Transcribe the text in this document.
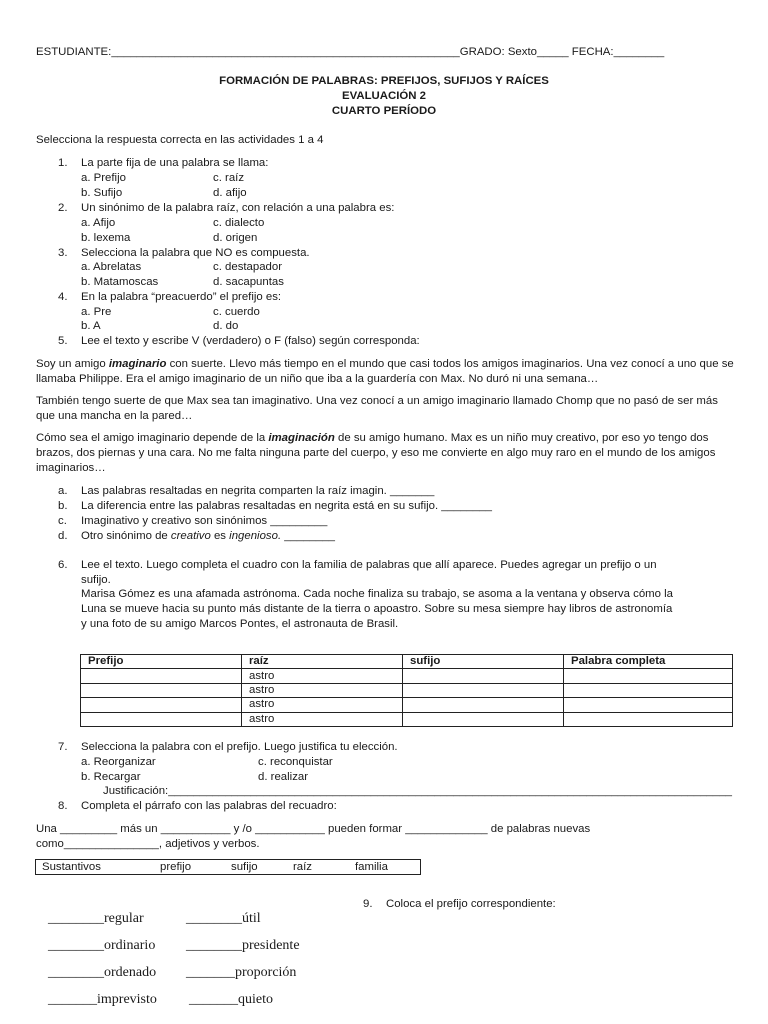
ESTUDIANTE:_______________________________________________________GRADO: Sexto_____ FECHA:________
FORMACIÓN DE PALABRAS: PREFIJOS, SUFIJOS Y RAÍCES
EVALUACIÓN 2
CUARTO PERÍODO
Selecciona la respuesta correcta en las actividades 1 a 4
1. La parte fija de una palabra se llama:
a. Prefijo	c. raíz
b. Sufijo	d. afijo
2. Un sinónimo de la palabra raíz, con relación a una palabra es:
a. Afijo	c. dialecto
b. lexema	d. origen
3. Selecciona la palabra que NO es compuesta.
a. Abrelatas	c. destapador
b. Matamoscas	d. sacapuntas
4. En la palabra “preacuerdo” el prefijo es:
a. Pre	c. cuerdo
b. A	d. do
5. Lee el texto y escribe V (verdadero) o F (falso) según corresponda:
Soy un amigo imaginario con suerte. Llevo más tiempo en el mundo que casi todos los amigos imaginarios. Una vez conocí a uno que se llamaba Philippe. Era el amigo imaginario de un niño que iba a la guardería con Max. No duró ni una semana…
También tengo suerte de que Max sea tan imaginativo. Una vez conocí a un amigo imaginario llamado Chomp que no pasó de ser más que una mancha en la pared…
Cómo sea el amigo imaginario depende de la imaginación de su amigo humano. Max es un niño muy creativo, por eso yo tengo dos brazos, dos piernas y una cara. No me falta ninguna parte del cuerpo, y eso me convierte en algo muy raro en el mundo de los amigos imaginarios…
a. Las palabras resaltadas en negrita comparten la raíz imagin. _______
b. La diferencia entre las palabras resaltadas en negrita está en su sufijo. ________
c. Imaginativo y creativo son sinónimos _________
d. Otro sinónimo de creativo es ingenioso. ________
6. Lee el texto. Luego completa el cuadro con la familia de palabras que allí aparece. Puedes agregar un prefijo o un
sufijo.
Marisa Gómez es una afamada astrónoma. Cada noche finaliza su trabajo, se asoma a la ventana y observa cómo la
Luna se mueve hacia su punto más distante de la tierra o apoastro. Sobre su mesa siempre hay libros de astronomía
y una foto de su amigo Marcos Pontes, el astronauta de Brasil.
Prefijo	raíz	sufijo	Palabra completa
	astro		
	astro		
	astro		
	astro		
7. Selecciona la palabra con el prefijo. Luego justifica tu elección.
a. Reorganizar	c. reconquistar
b. Recargar	d. realizar
Justificación:_________________________________________________________________________________________
8. Completa el párrafo con las palabras del recuadro:
Una _________ más un ___________ y /o ___________ pueden formar _____________ de palabras nuevas
como_______________, adjetivos y verbos.
Sustantivos	prefijo	sufijo	raíz	familia
9. Coloca el prefijo correspondiente:
________regular	________útil
________ordinario ________presidente
________ordenado _______proporción
_______imprevisto _______quieto
